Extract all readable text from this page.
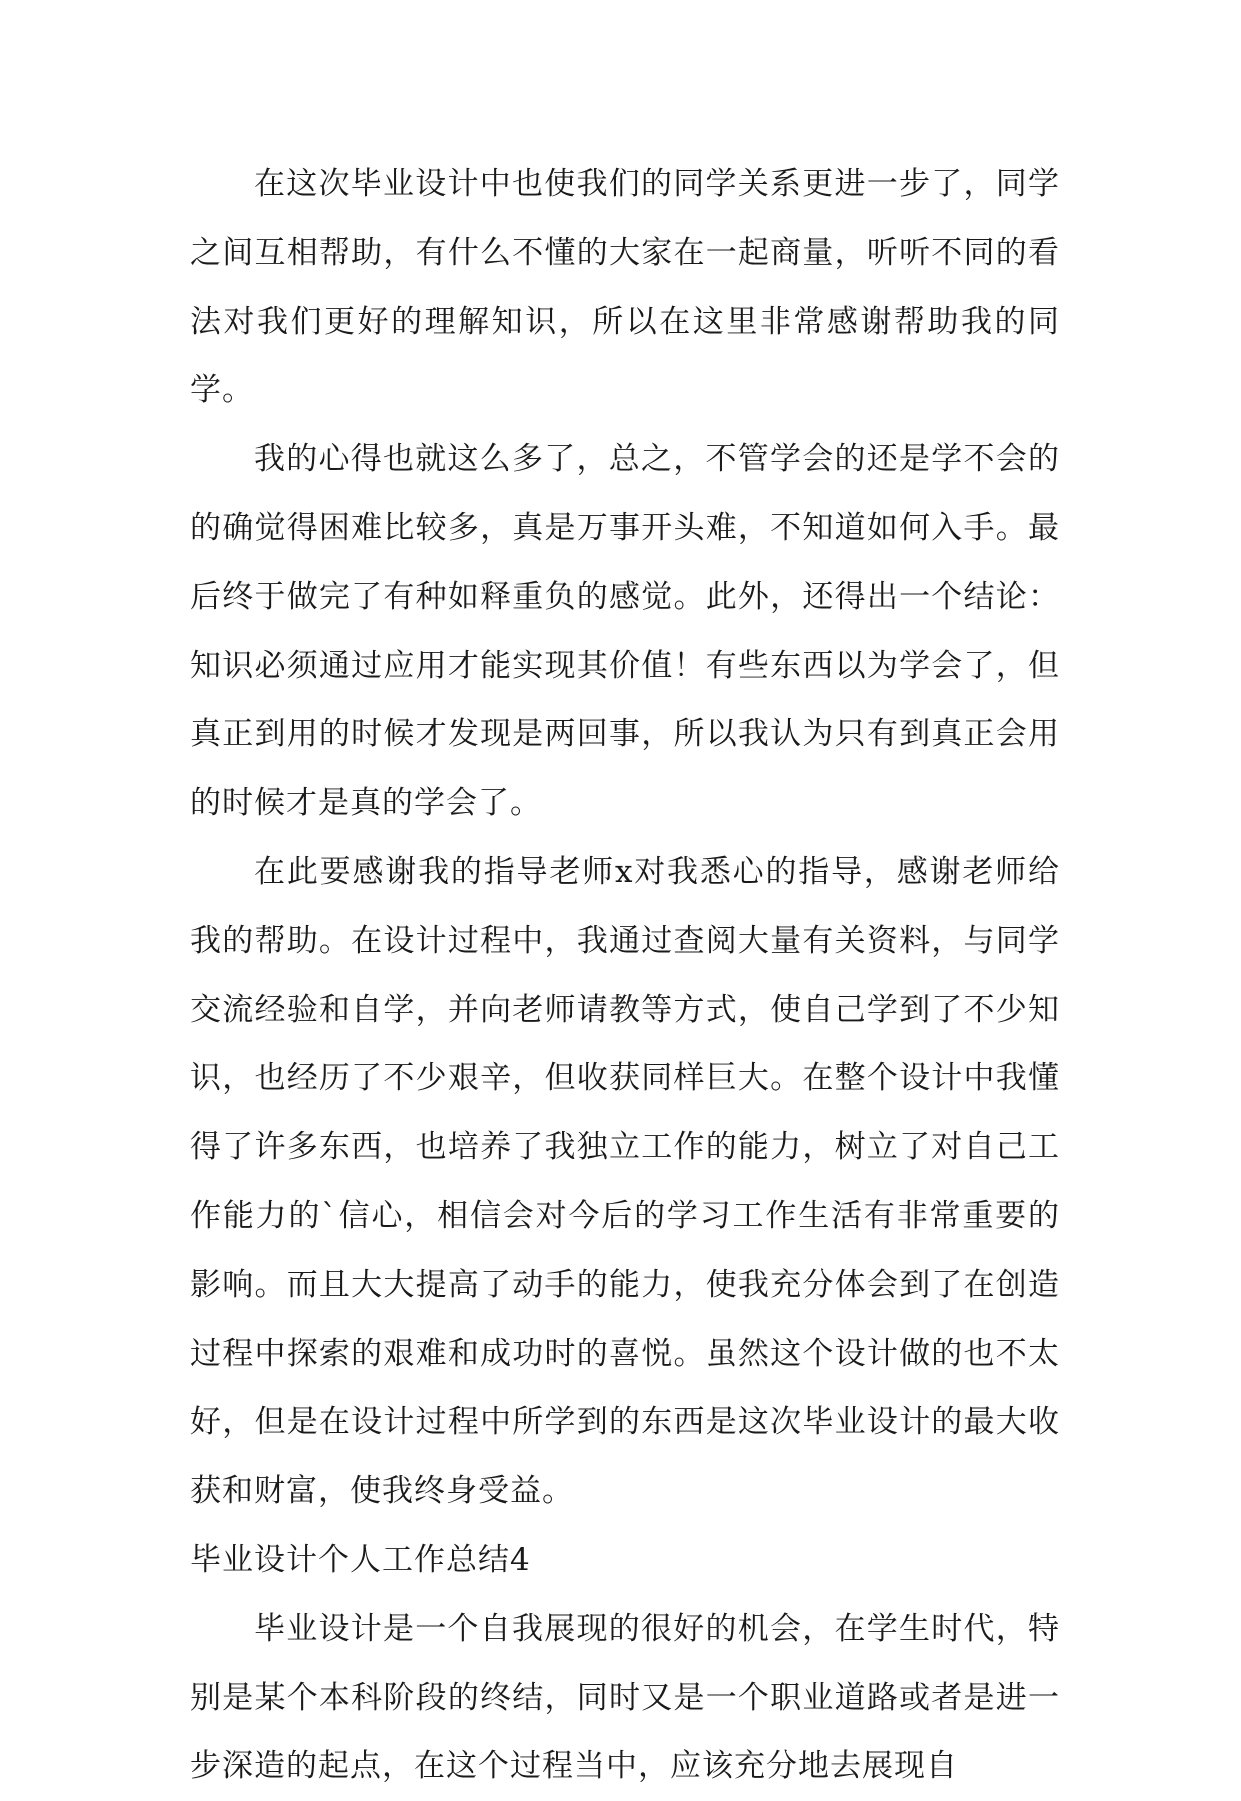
在这次毕业设计中也使我们的同学关系更进一步了，同学之间互相帮助，有什么不懂的大家在一起商量，听听不同的看法对我们更好的理解知识，所以在这里非常感谢帮助我的同学。

我的心得也就这么多了，总之，不管学会的还是学不会的的确觉得困难比较多，真是万事开头难，不知道如何入手。最后终于做完了有种如释重负的感觉。此外，还得出一个结论：知识必须通过应用才能实现其价值！有些东西以为学会了，但真正到用的时候才发现是两回事，所以我认为只有到真正会用的时候才是真的学会了。

在此要感谢我的指导老师x对我悉心的指导，感谢老师给我的帮助。在设计过程中，我通过查阅大量有关资料，与同学交流经验和自学，并向老师请教等方式，使自己学到了不少知识，也经历了不少艰辛，但收获同样巨大。在整个设计中我懂得了许多东西，也培养了我独立工作的能力，树立了对自己工作能力的`信心，相信会对今后的学习工作生活有非常重要的影响。而且大大提高了动手的能力，使我充分体会到了在创造过程中探索的艰难和成功时的喜悦。虽然这个设计做的也不太好，但是在设计过程中所学到的东西是这次毕业设计的最大收获和财富，使我终身受益。

毕业设计个人工作总结4

毕业设计是一个自我展现的很好的机会，在学生时代，特别是某个本科阶段的终结，同时又是一个职业道路或者是进一步深造的起点，在这个过程当中，应该充分地去展现自
